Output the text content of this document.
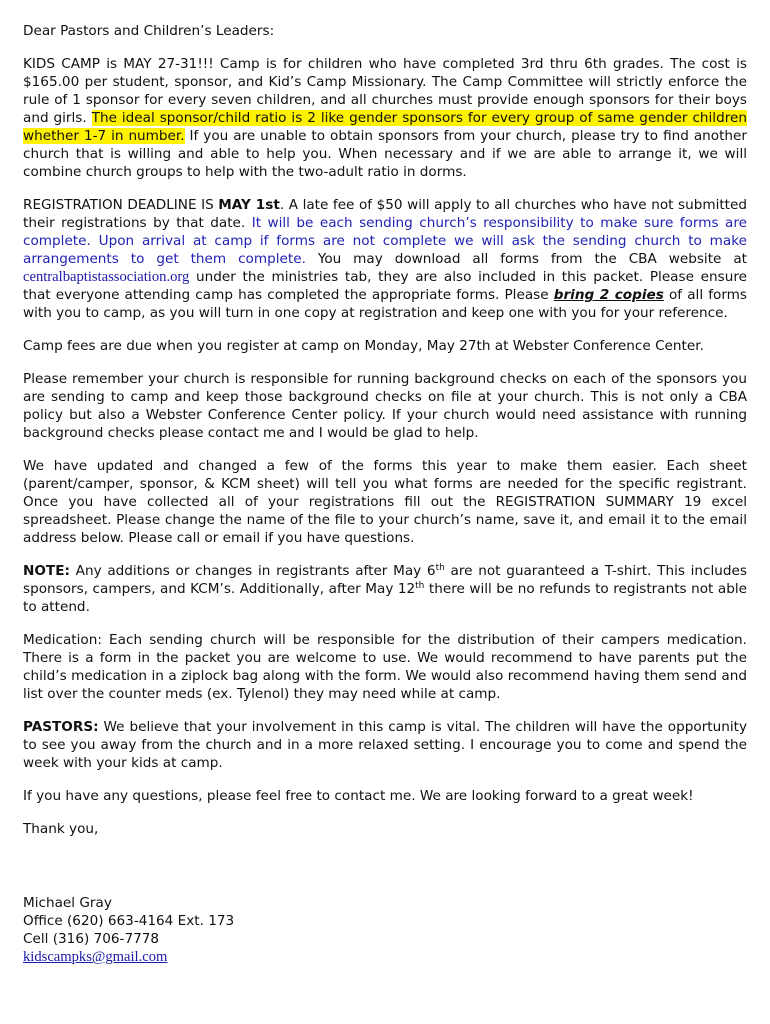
Dear Pastors and Children’s Leaders:

KIDS CAMP is MAY 27-31!!! Camp is for children who have completed 3rd thru 6th grades. The cost is $165.00 per student, sponsor, and Kid’s Camp Missionary. The Camp Committee will strictly enforce the rule of 1 sponsor for every seven children, and all churches must provide enough sponsors for their boys and girls. The ideal sponsor/child ratio is 2 like gender sponsors for every group of same gender children whether 1-7 in number. If you are unable to obtain sponsors from your church, please try to find another church that is willing and able to help you. When necessary and if we are able to arrange it, we will combine church groups to help with the two-adult ratio in dorms.

REGISTRATION DEADLINE IS MAY 1st. A late fee of $50 will apply to all churches who have not submitted their registrations by that date. It will be each sending church’s responsibility to make sure forms are complete. Upon arrival at camp if forms are not complete we will ask the sending church to make arrangements to get them complete. You may download all forms from the CBA website at centralbaptistassociation.org under the ministries tab, they are also included in this packet. Please ensure that everyone attending camp has completed the appropriate forms. Please bring 2 copies of all forms with you to camp, as you will turn in one copy at registration and keep one with you for your reference.

Camp fees are due when you register at camp on Monday, May 27th at Webster Conference Center.

Please remember your church is responsible for running background checks on each of the sponsors you are sending to camp and keep those background checks on file at your church. This is not only a CBA policy but also a Webster Conference Center policy. If your church would need assistance with running background checks please contact me and I would be glad to help.

We have updated and changed a few of the forms this year to make them easier. Each sheet (parent/camper, sponsor, & KCM sheet) will tell you what forms are needed for the specific registrant. Once you have collected all of your registrations fill out the REGISTRATION SUMMARY 19 excel spreadsheet. Please change the name of the file to your church’s name, save it, and email it to the email address below. Please call or email if you have questions.

NOTE: Any additions or changes in registrants after May 6th are not guaranteed a T-shirt. This includes sponsors, campers, and KCM’s. Additionally, after May 12th there will be no refunds to registrants not able to attend.

Medication: Each sending church will be responsible for the distribution of their campers medication. There is a form in the packet you are welcome to use. We would recommend to have parents put the child’s medication in a ziplock bag along with the form. We would also recommend having them send and list over the counter meds (ex. Tylenol) they may need while at camp.

PASTORS: We believe that your involvement in this camp is vital. The children will have the opportunity to see you away from the church and in a more relaxed setting. I encourage you to come and spend the week with your kids at camp.

If you have any questions, please feel free to contact me. We are looking forward to a great week!

Thank you,

Michael Gray
Office (620) 663-4164 Ext. 173
Cell (316) 706-7778
kidscampks@gmail.com
